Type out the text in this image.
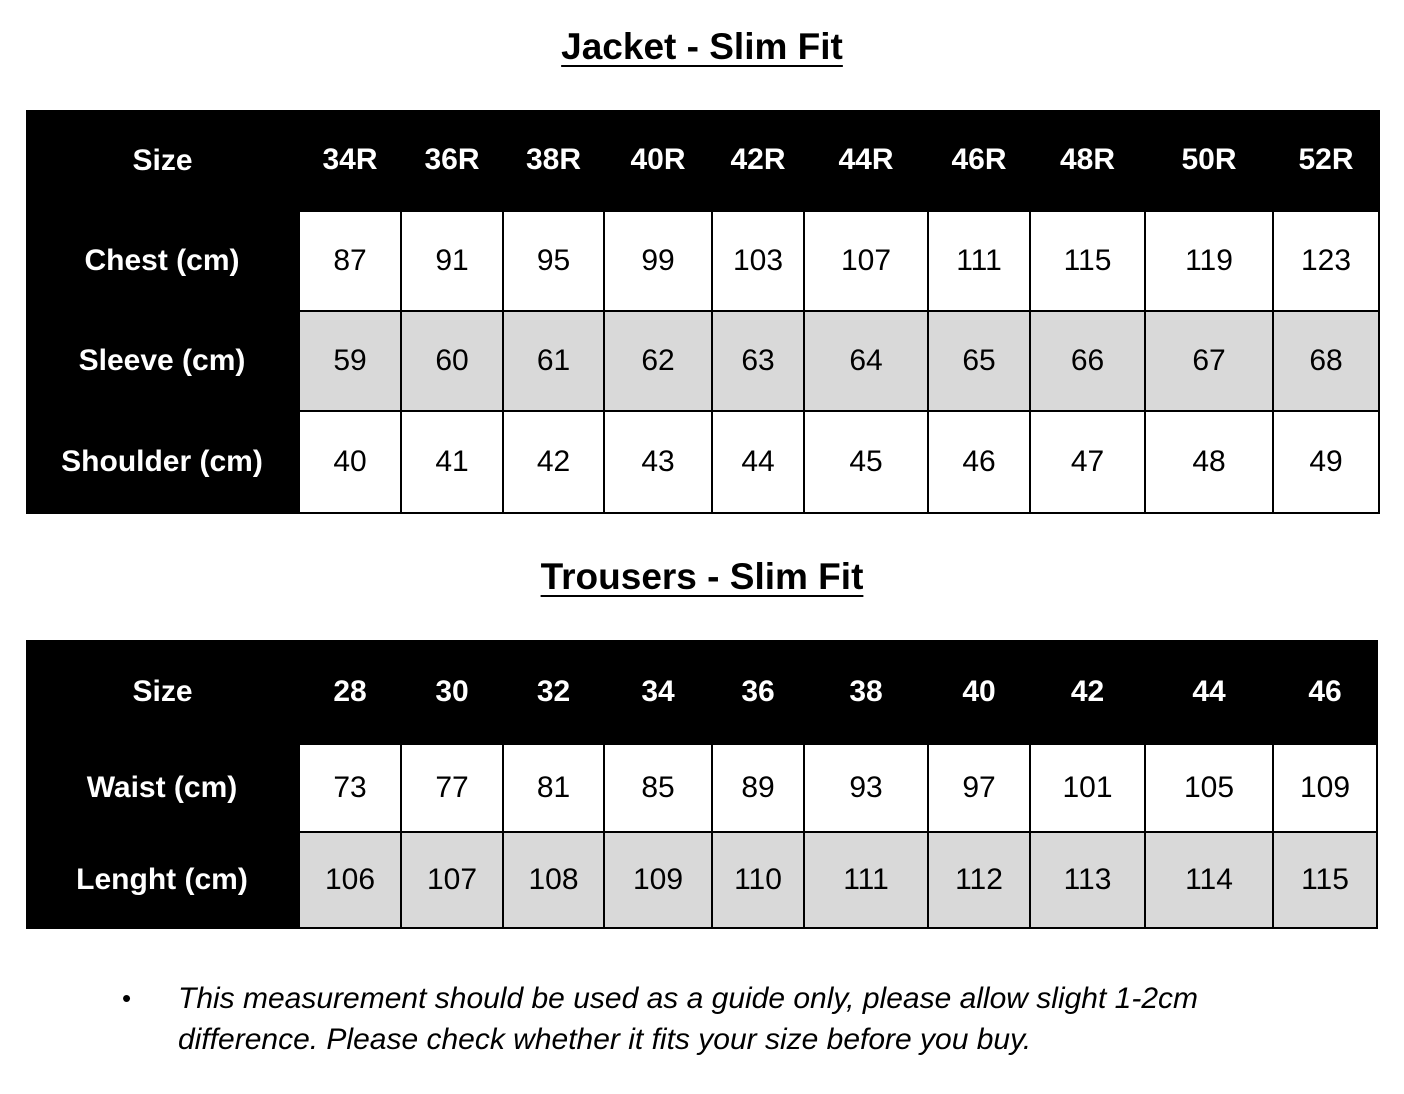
Jacket - Slim Fit
Size	34R	36R	38R	40R	42R	44R	46R	48R	50R	52R
Chest (cm)	87	91	95	99	103	107	111	115	119	123
Sleeve (cm)	59	60	61	62	63	64	65	66	67	68
Shoulder (cm)	40	41	42	43	44	45	46	47	48	49
Trousers - Slim Fit
Size	28	30	32	34	36	38	40	42	44	46
Waist (cm)	73	77	81	85	89	93	97	101	105	109
Lenght (cm)	106	107	108	109	110	111	112	113	114	115
•	This measurement should be used as a guide only, please allow slight 1-2cm difference. Please check whether it fits your size before you buy.
